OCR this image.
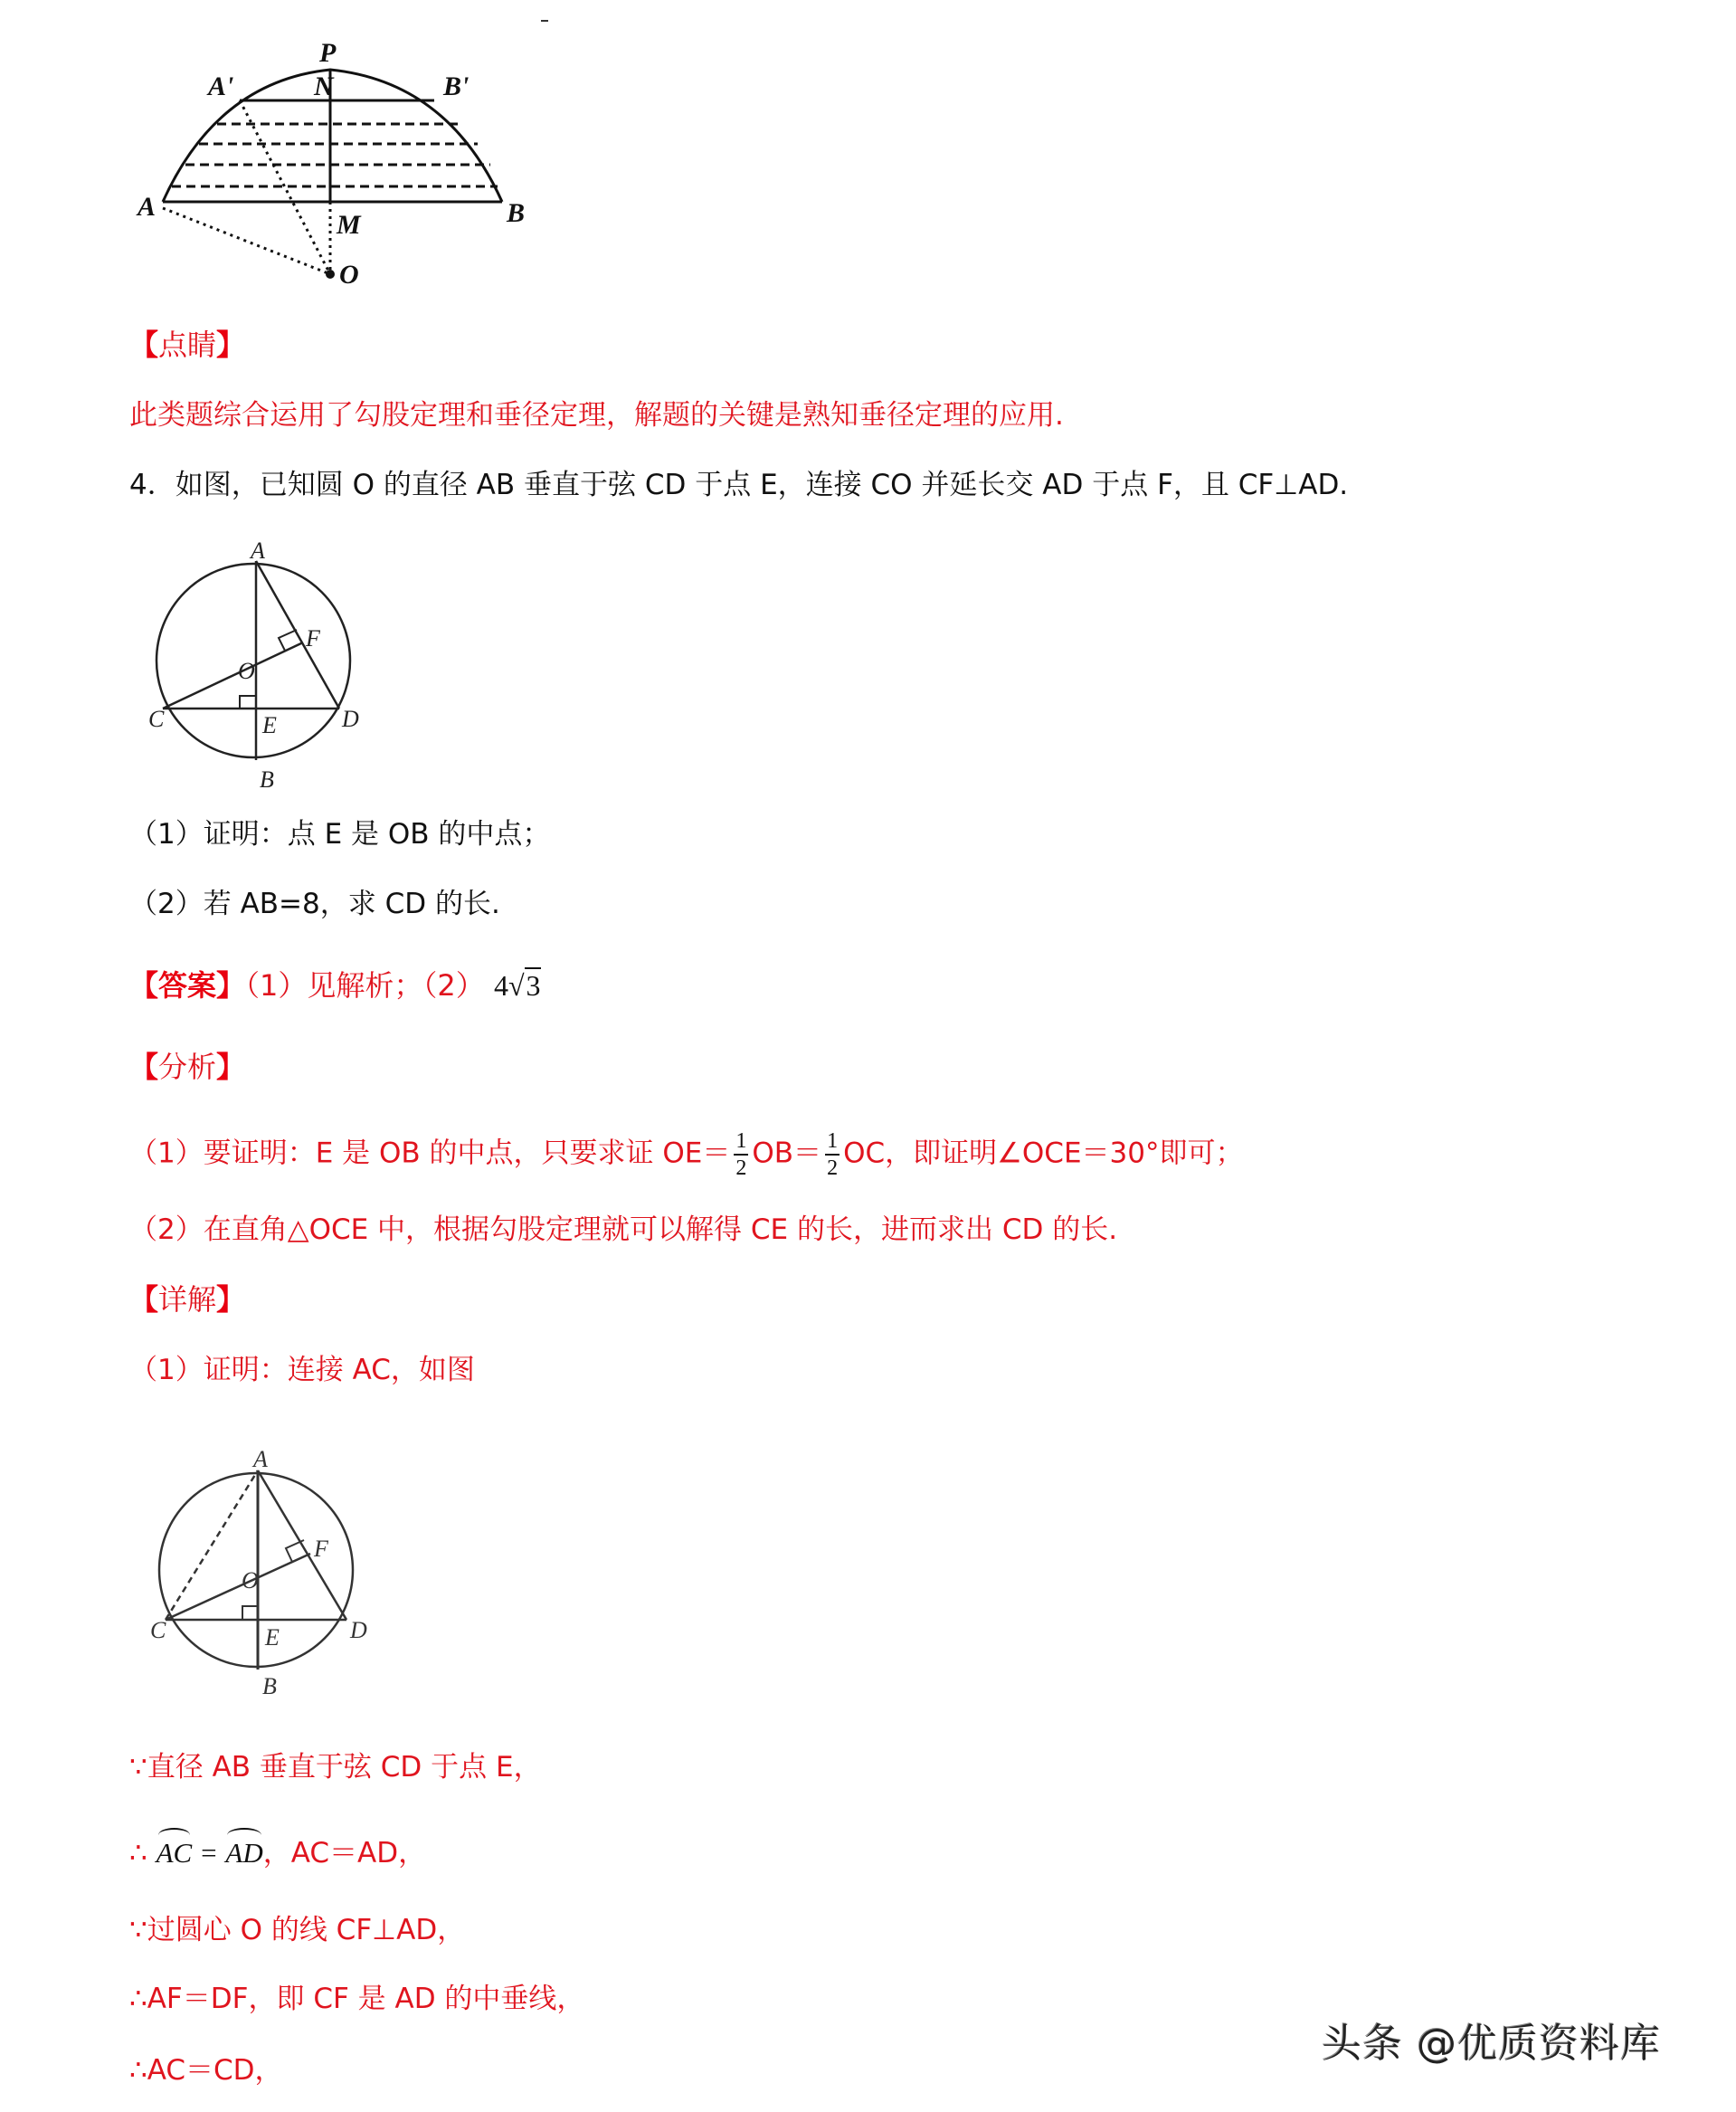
P
A'	N	B'
A	B
M
O
【点睛】
此类题综合运用了勾股定理和垂径定理，解题的关键是熟知垂径定理的应用.
4．如图，已知圆 O 的直径 AB 垂直于弦 CD 于点 E，连接 CO 并延长交 AD 于点 F，且 CF⊥AD.
A
F
O
C	E	D
B
（1）证明：点 E 是 OB 的中点；
（2）若 AB=8，求 CD 的长.
【答案】（1）见解析；（2） 4√3
【分析】
（1）要证明：E 是 OB 的中点，只要求证 $OE= \frac{1}{2} OB= \frac{1}{2}$ OC，即证明∠OCE＝30°即可；
（2）在直角△OCE 中，根据勾股定理就可以解得 CE 的长，进而求出 CD 的长.
【详解】
（1）证明：连接 AC，如图
A
F
O
C	E	D
B
∵直径 AB 垂直于弦 CD 于点 E，
∴ AC = AD，AC＝AD，
∵过圆心 O 的线 CF⊥AD，
∴AF＝DF，即 CF 是 AD 的中垂线，
∴AC＝CD，
头条 @优质资料库
